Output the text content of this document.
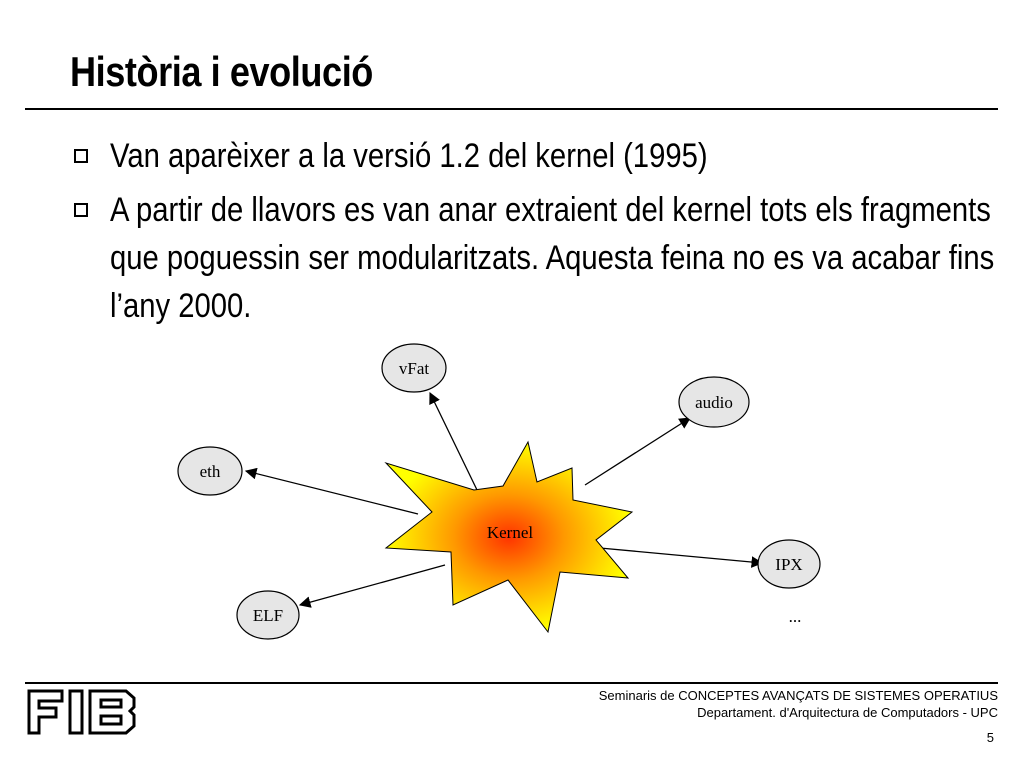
Història i evolució
Van aparèixer a la versió 1.2 del kernel (1995)
A partir de llavors es van anar extraient del kernel tots els fragments que poguessin ser modularitzats. Aquesta feina no es va acabar fins l’any 2000.
Kernel
vFat
audio
eth
IPX
ELF	...
Seminaris de CONCEPTES AVANÇATS DE SISTEMES OPERATIUS
Departament. d'Arquitectura de Computadors - UPC
5
